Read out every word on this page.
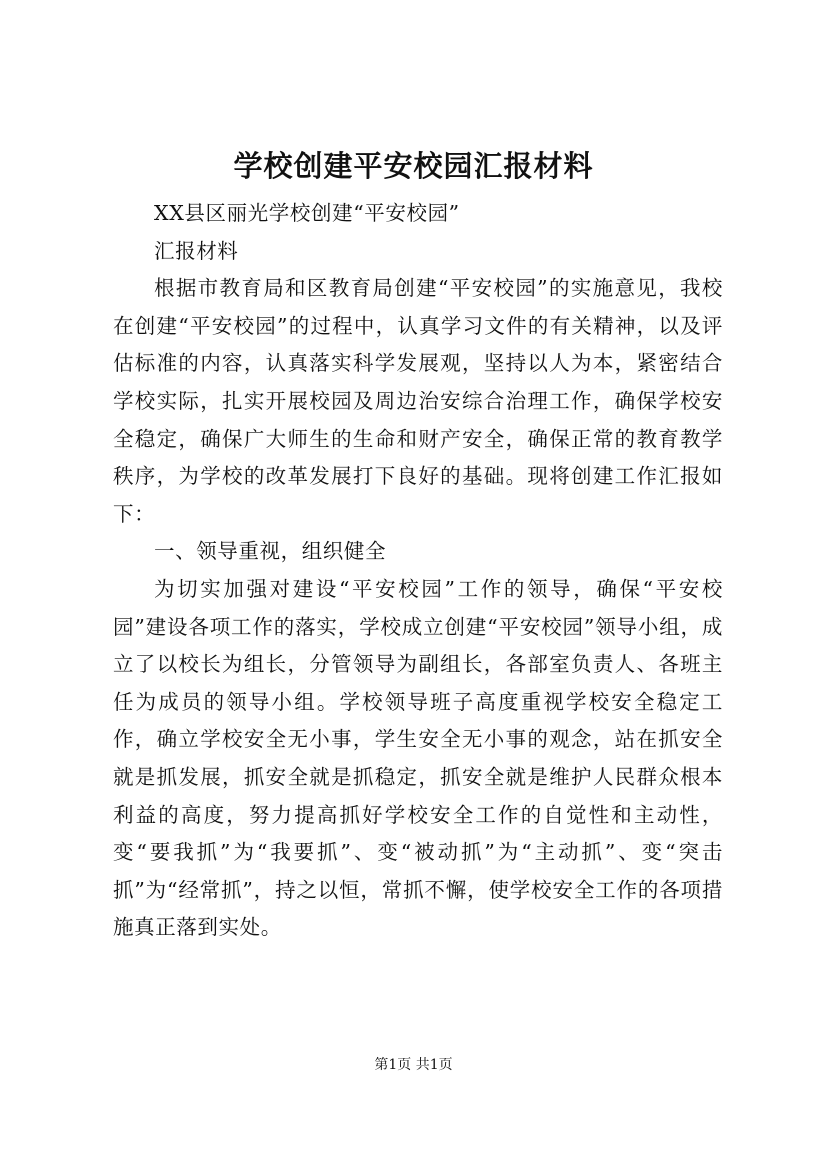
学校创建平安校园汇报材料

XX县区丽光学校创建“平安校园”

汇报材料

根据市教育局和区教育局创建“平安校园”的实施意见，我校在创建“平安校园”的过程中，认真学习文件的有关精神，以及评估标准的内容，认真落实科学发展观，坚持以人为本，紧密结合学校实际，扎实开展校园及周边治安综合治理工作，确保学校安全稳定，确保广大师生的生命和财产安全，确保正常的教育教学秩序，为学校的改革发展打下良好的基础。现将创建工作汇报如下：

一、领导重视，组织健全

为切实加强对建设“平安校园”工作的领导，确保“平安校园”建设各项工作的落实，学校成立创建“平安校园”领导小组，成立了以校长为组长，分管领导为副组长，各部室负责人、各班主任为成员的领导小组。学校领导班子高度重视学校安全稳定工作，确立学校安全无小事，学生安全无小事的观念，站在抓安全就是抓发展，抓安全就是抓稳定，抓安全就是维护人民群众根本利益的高度，努力提高抓好学校安全工作的自觉性和主动性，变“要我抓”为“我要抓”、变“被动抓”为“主动抓”、变“突击抓”为“经常抓”，持之以恒，常抓不懈，使学校安全工作的各项措施真正落到实处。

第1页 共1页
